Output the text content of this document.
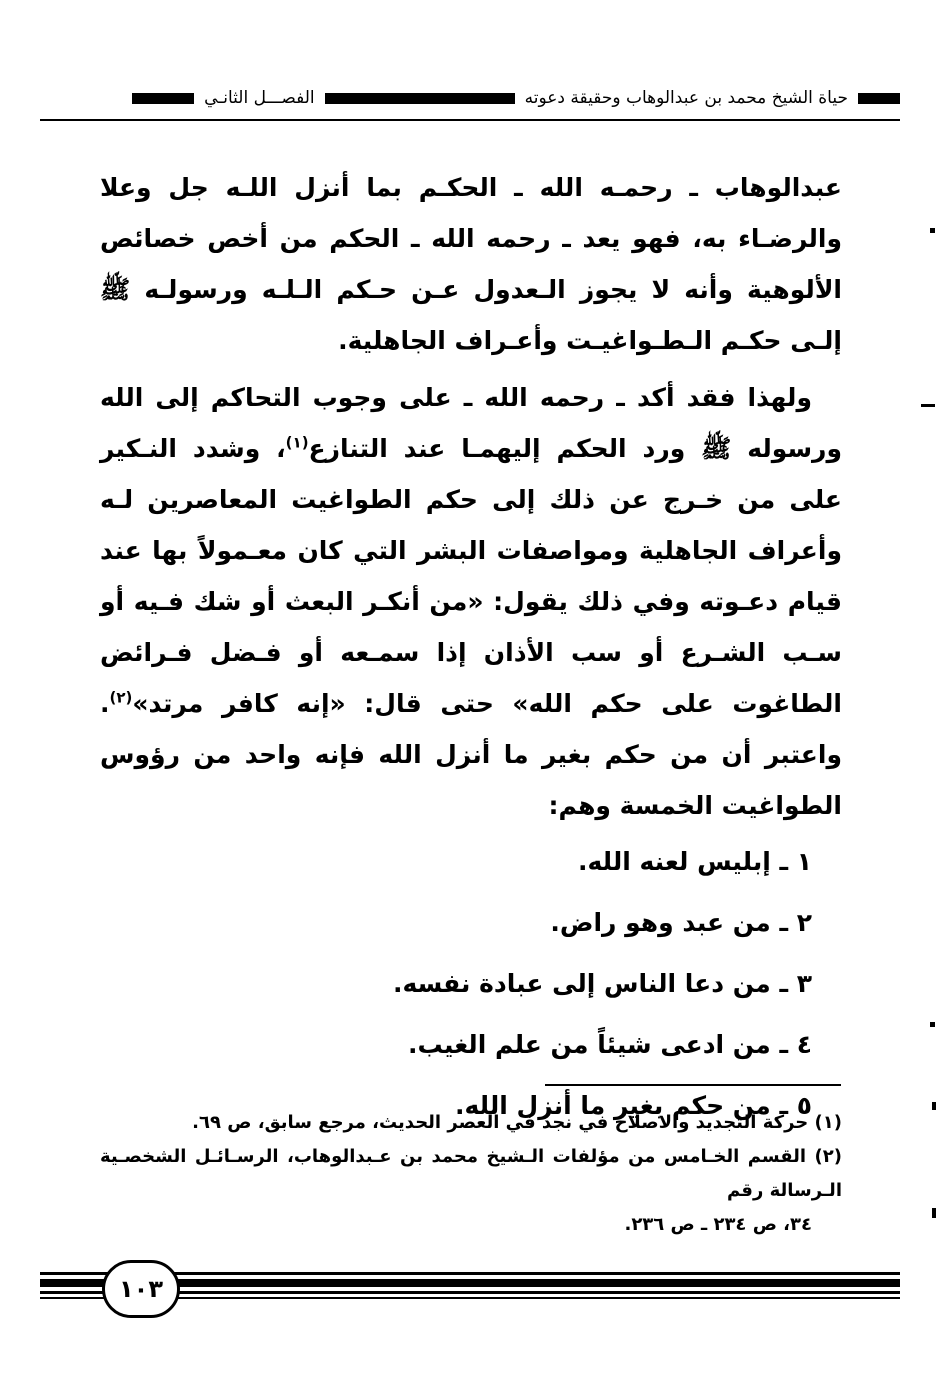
حياة الشيخ محمد بن عبدالوهاب وحقيقة دعوته
الفصـــل الثانـي

عبدالوهاب ـ رحمـه الله ـ الحكـم بما أنزل اللـه جل وعلا والرضـاء به، فهو يعد ـ رحمه الله ـ الحكم من أخص خصائص الألوهية وأنه لا يجوز الـعدول عـن حـكم الـلـه ورسولـه ﷺ إلـى حكـم الـطـواغيـت وأعـراف الجاهلية.

ولهذا فقد أكد ـ رحمه الله ـ على وجوب التحاكم إلى الله ورسوله ﷺ ورد الحكم إليهمـا عند التنازع$^{(١)}$، وشدد النـكير على من خـرج عن ذلك إلى حكم الطواغيت المعاصرين لـه وأعراف الجاهلية ومواصفات البشر التي كان معـمولاً بها عند قيام دعـوته وفي ذلك يقول: «من أنكـر البعث أو شك فـيه أو سـب الشـرع أو سب الأذان إذا سمـعه أو فـضل فـرائض الطاغوت على حكم الله» حتى قال: «إنه كافر مرتد»$^{(٢)}$. واعتبر أن من حكم بغير ما أنزل الله فإنه واحد من رؤوس الطواغيت الخمسة وهم:

١ ـ إبليس لعنه الله.
٢ ـ من عبد وهو راض.
٣ ـ من دعا الناس إلى عبادة نفسه.
٤ ـ من ادعى شيئاً من علم الغيب.
٥ ـ من حكم بغير ما أنزل الله.

(١) حركة التجديد والاصلاح في نجد في العصر الحديث، مرجع سابق، ص ٦٩.

(٢) القسم الخـامس من مؤلفات الـشيخ محمد بن عـبدالوهاب، الرسـائـل الشخصـية الـرسالة رقم

٣٤، ص ٢٣٤ ـ ص ٢٣٦.

١٠٣
